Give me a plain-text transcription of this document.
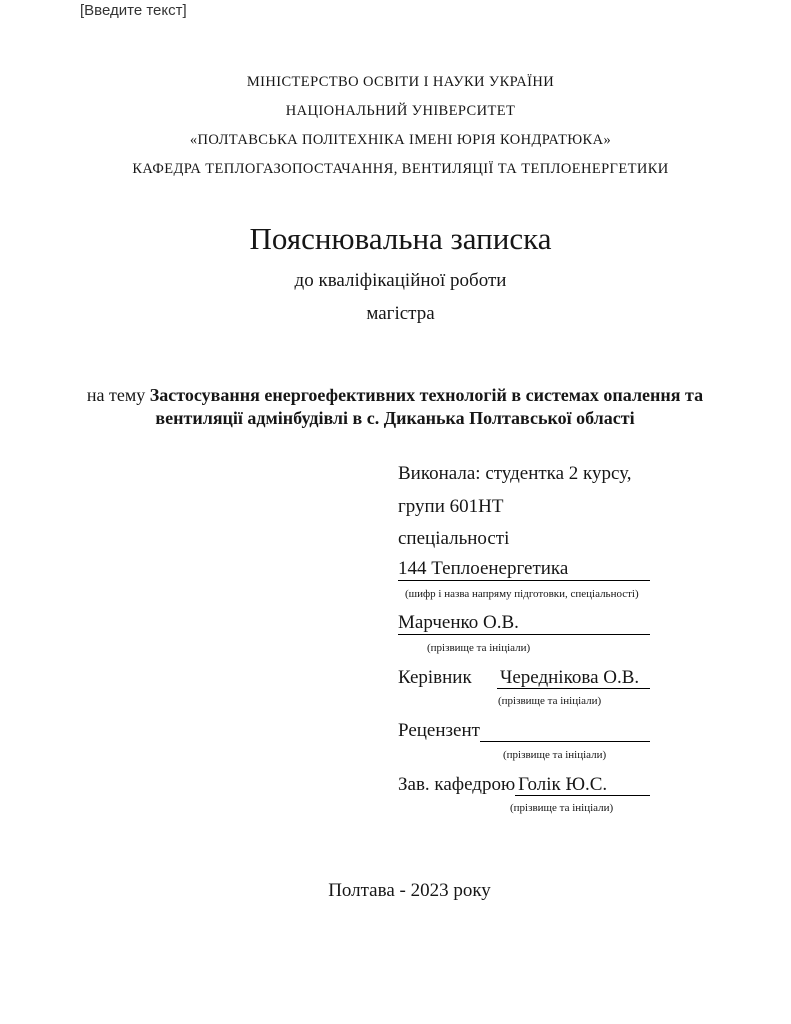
[Введите текст]
МІНІСТЕРСТВО ОСВІТИ І НАУКИ УКРАЇНИ
НАЦІОНАЛЬНИЙ УНІВЕРСИТЕТ
«ПОЛТАВСЬКА ПОЛІТЕХНІКА ІМЕНІ ЮРІЯ КОНДРАТЮКА»
КАФЕДРА ТЕПЛОГАЗОПОСТАЧАННЯ, ВЕНТИЛЯЦІЇ ТА ТЕПЛОЕНЕРГЕТИКИ
Пояснювальна записка
до кваліфікаційної роботи
магістра
на тему Застосування енергоефективних технологій в системах опалення та
вентиляції адмінбудівлі в с. Диканька Полтавської області
Виконала: студентка 2 курсу,
групи 601НТ
спеціальності
144 Теплоенергетика
(шифр і назва напряму підготовки, спеціальності)
Марченко О.В.
(прізвище та ініціали)
Керівник	Череднікова О.В.
(прізвище та ініціали)
Рецензент
(прізвище та ініціали)
Зав. кафедрою Голік Ю.С.
(прізвище та ініціали)
Полтава - 2023 року
